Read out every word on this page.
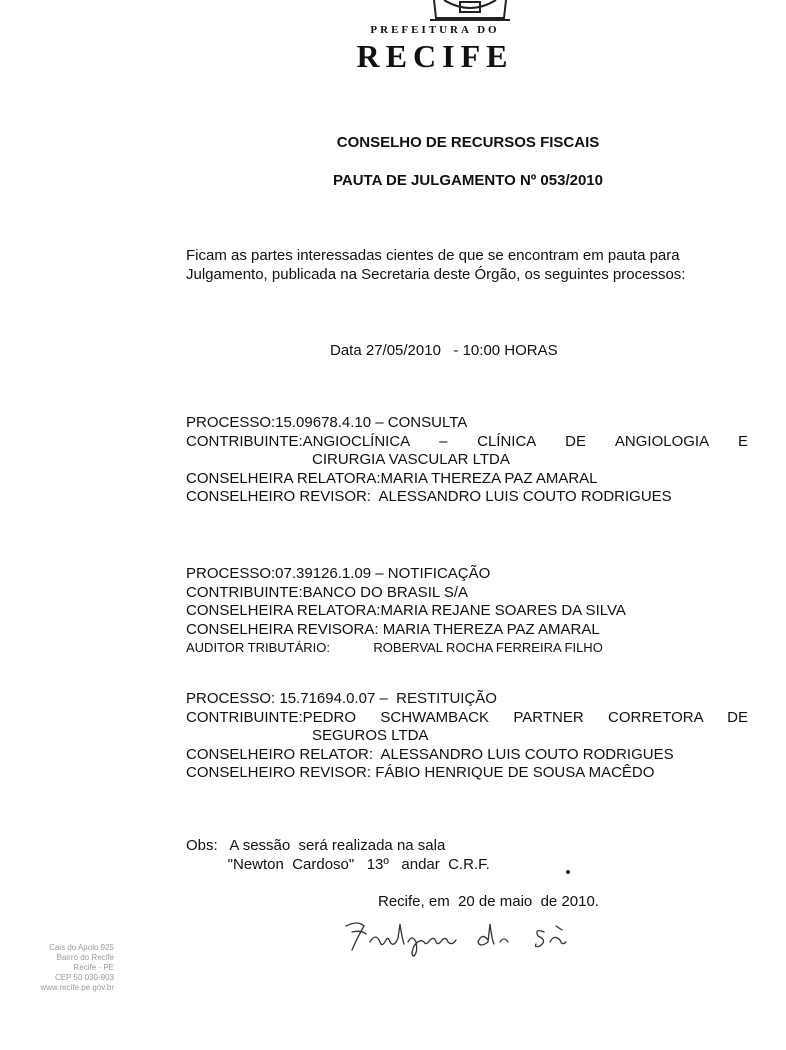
PREFEITURA DO
RECIFE
CONSELHO DE RECURSOS FISCAIS
PAUTA DE JULGAMENTO Nº 053/2010
Ficam as partes interessadas cientes de que se encontram em pauta para Julgamento, publicada na Secretaria deste Órgão, os seguintes processos:
Data 27/05/2010   - 10:00 HORAS
PROCESSO:15.09678.4.10 – CONSULTA
CONTRIBUINTE:ANGIOCLÍNICA – CLÍNICA DE ANGIOLOGIA E
CIRURGIA VASCULAR LTDA
CONSELHEIRA RELATORA:MARIA THEREZA PAZ AMARAL
CONSELHEIRO REVISOR:  ALESSANDRO LUIS COUTO RODRIGUES
PROCESSO:07.39126.1.09 – NOTIFICAÇÃO
CONTRIBUINTE:BANCO DO BRASIL S/A
CONSELHEIRA RELATORA:MARIA REJANE SOARES DA SILVA
CONSELHEIRA REVISORA: MARIA THEREZA PAZ AMARAL
AUDITOR TRIBUTÁRIO:            ROBERVAL ROCHA FERREIRA FILHO
PROCESSO: 15.71694.0.07 –  RESTITUIÇÃO
CONTRIBUINTE:PEDRO SCHWAMBACK PARTNER CORRETORA DE
SEGUROS LTDA
CONSELHEIRO RELATOR:  ALESSANDRO LUIS COUTO RODRIGUES
CONSELHEIRO REVISOR: FÁBIO HENRIQUE DE SOUSA MACÊDO
Obs:   A sessão  será realizada na sala
"Newton  Cardoso"   13º   andar  C.R.F.
Recife, em  20 de maio  de 2010.
Cais do Apolo 925
Bairro do Recife
Recife - PE
CEP 50 030-903
www.recife.pe.gov.br
